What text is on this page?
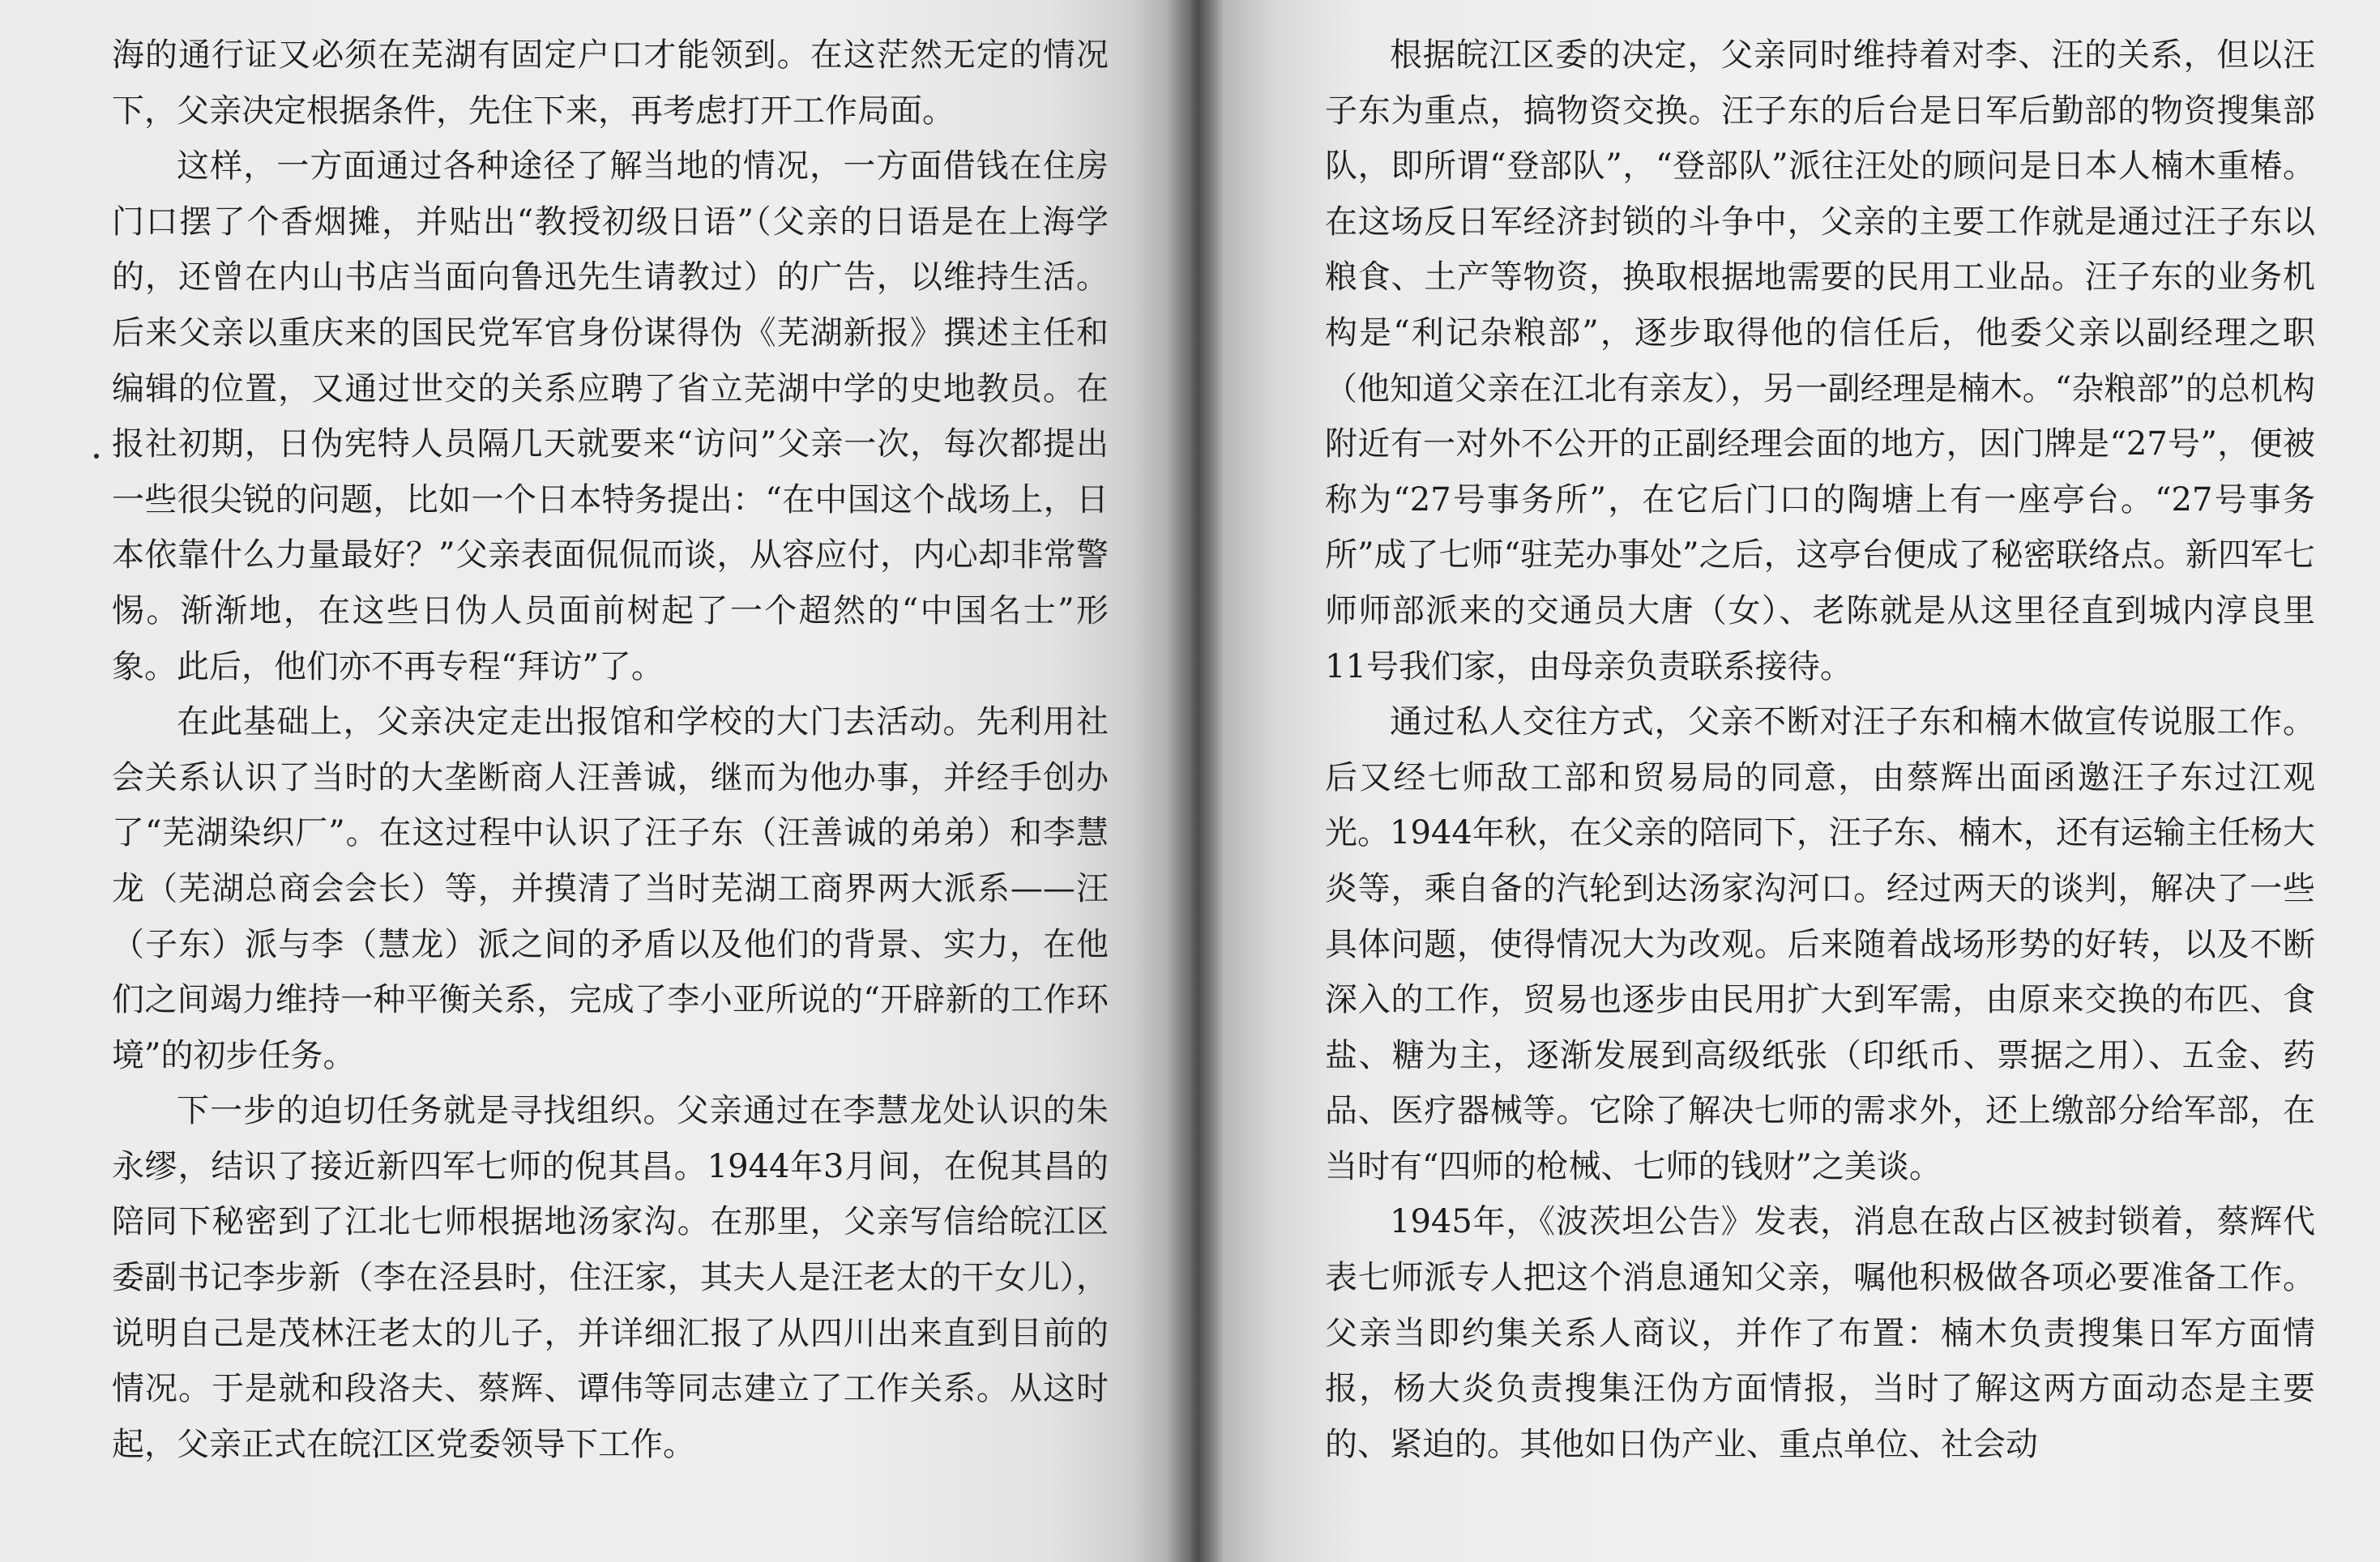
海的通行证又必须在芜湖有固定户口才能领到。在这茫然无定的情况下，父亲决定根据条件，先住下来，再考虑打开工作局面。

这样，一方面通过各种途径了解当地的情况，一方面借钱在住房门口摆了个香烟摊，并贴出“教授初级日语”（父亲的日语是在上海学的，还曾在内山书店当面向鲁迅先生请教过）的广告，以维持生活。后来父亲以重庆来的国民党军官身份谋得伪《芜湖新报》撰述主任和编辑的位置，又通过世交的关系应聘了省立芜湖中学的史地教员。在报社初期，日伪宪特人员隔几天就要来“访问”父亲一次，每次都提出一些很尖锐的问题，比如一个日本特务提出：“在中国这个战场上，日本依靠什么力量最好？”父亲表面侃侃而谈，从容应付，内心却非常警惕。渐渐地，在这些日伪人员面前树起了一个超然的“中国名士”形象。此后，他们亦不再专程“拜访”了。

在此基础上，父亲决定走出报馆和学校的大门去活动。先利用社会关系认识了当时的大垄断商人汪善诚，继而为他办事，并经手创办了“芜湖染织厂”。在这过程中认识了汪子东（汪善诚的弟弟）和李慧龙（芜湖总商会会长）等，并摸清了当时芜湖工商界两大派系——汪（子东）派与李（慧龙）派之间的矛盾以及他们的背景、实力，在他们之间竭力维持一种平衡关系，完成了李小亚所说的“开辟新的工作环境”的初步任务。

下一步的迫切任务就是寻找组织。父亲通过在李慧龙处认识的朱永缪，结识了接近新四军七师的倪其昌。1944年3月间，在倪其昌的陪同下秘密到了江北七师根据地汤家沟。在那里，父亲写信给皖江区委副书记李步新（李在泾县时，住汪家，其夫人是汪老太的干女儿），说明自己是茂林汪老太的儿子，并详细汇报了从四川出来直到目前的情况。于是就和段洛夫、蔡辉、谭伟等同志建立了工作关系。从这时起，父亲正式在皖江区党委领导下工作。

根据皖江区委的决定，父亲同时维持着对李、汪的关系，但以汪子东为重点，搞物资交换。汪子东的后台是日军后勤部的物资搜集部队，即所谓“登部队”，“登部队”派往汪处的顾问是日本人楠木重椿。在这场反日军经济封锁的斗争中，父亲的主要工作就是通过汪子东以粮食、土产等物资，换取根据地需要的民用工业品。汪子东的业务机构是“利记杂粮部”，逐步取得他的信任后，他委父亲以副经理之职（他知道父亲在江北有亲友），另一副经理是楠木。“杂粮部”的总机构附近有一对外不公开的正副经理会面的地方，因门牌是“27号”，便被称为“27号事务所”，在它后门口的陶塘上有一座亭台。“27号事务所”成了七师“驻芜办事处”之后，这亭台便成了秘密联络点。新四军七师师部派来的交通员大唐（女）、老陈就是从这里径直到城内淳良里11号我们家，由母亲负责联系接待。

通过私人交往方式，父亲不断对汪子东和楠木做宣传说服工作。后又经七师敌工部和贸易局的同意，由蔡辉出面函邀汪子东过江观光。1944年秋，在父亲的陪同下，汪子东、楠木，还有运输主任杨大炎等，乘自备的汽轮到达汤家沟河口。经过两天的谈判，解决了一些具体问题，使得情况大为改观。后来随着战场形势的好转，以及不断深入的工作，贸易也逐步由民用扩大到军需，由原来交换的布匹、食盐、糖为主，逐渐发展到高级纸张（印纸币、票据之用）、五金、药品、医疗器械等。它除了解决七师的需求外，还上缴部分给军部，在当时有“四师的枪械、七师的钱财”之美谈。

1945年，《波茨坦公告》发表，消息在敌占区被封锁着，蔡辉代表七师派专人把这个消息通知父亲，嘱他积极做各项必要准备工作。父亲当即约集关系人商议，并作了布置：楠木负责搜集日军方面情报，杨大炎负责搜集汪伪方面情报，当时了解这两方面动态是主要的、紧迫的。其他如日伪产业、重点单位、社会动
